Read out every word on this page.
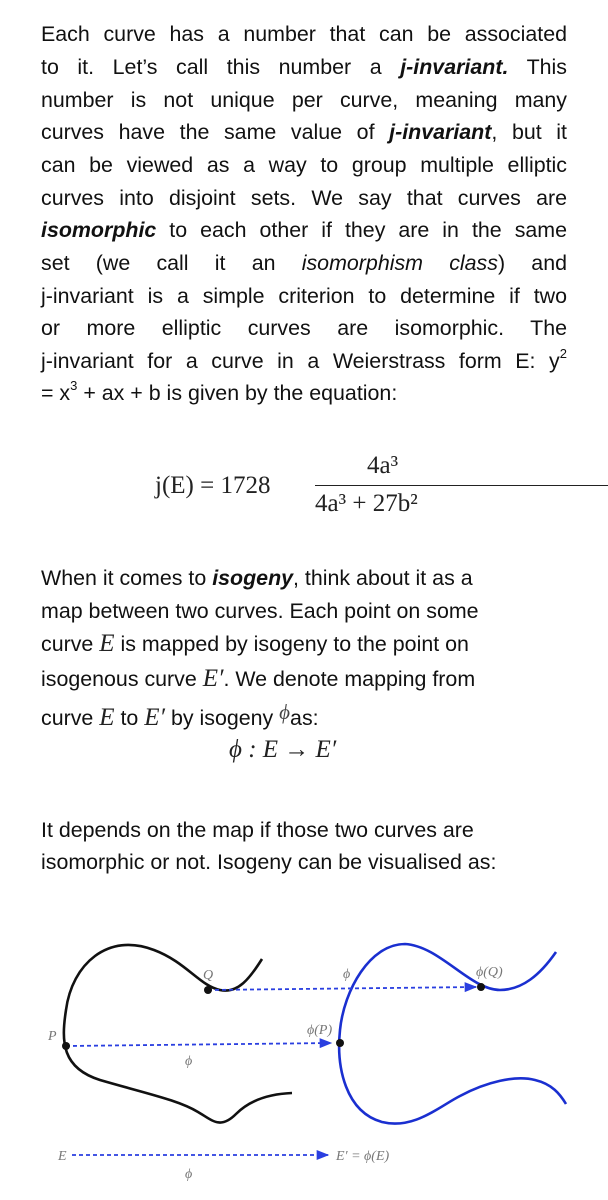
Each curve has a number that can be associated

to it. Let’s call this number a j-invariant. This

number is not unique per curve, meaning many

curves have the same value of j-invariant, but it

can be viewed as a way to group multiple elliptic

curves into disjoint sets. We say that curves are

isomorphic to each other if they are in the same

set (we call it an isomorphism class) and

j-invariant is a simple criterion to determine if two

or more elliptic curves are isomorphic. The

j-invariant for a curve in a Weierstrass form E: $y^2$

= $x^3$ + ax + b is given by the equation:

j(E) = 1728
4a³
4a³ + 27b²

When it comes to isogeny, think about it as a

map between two curves. Each point on some

curve E is mapped by isogeny to the point on

isogenous curve E′. We denote mapping from

curve E to E′ by isogeny ϕas:

ϕ : E → E′

It depends on the map if those two curves are

isomorphic or not. Isogeny can be visualised as:

Q	ϕ	ϕ(Q)
P	ϕ(P)
ϕ
E	E′ = ϕ(E)
ϕ
